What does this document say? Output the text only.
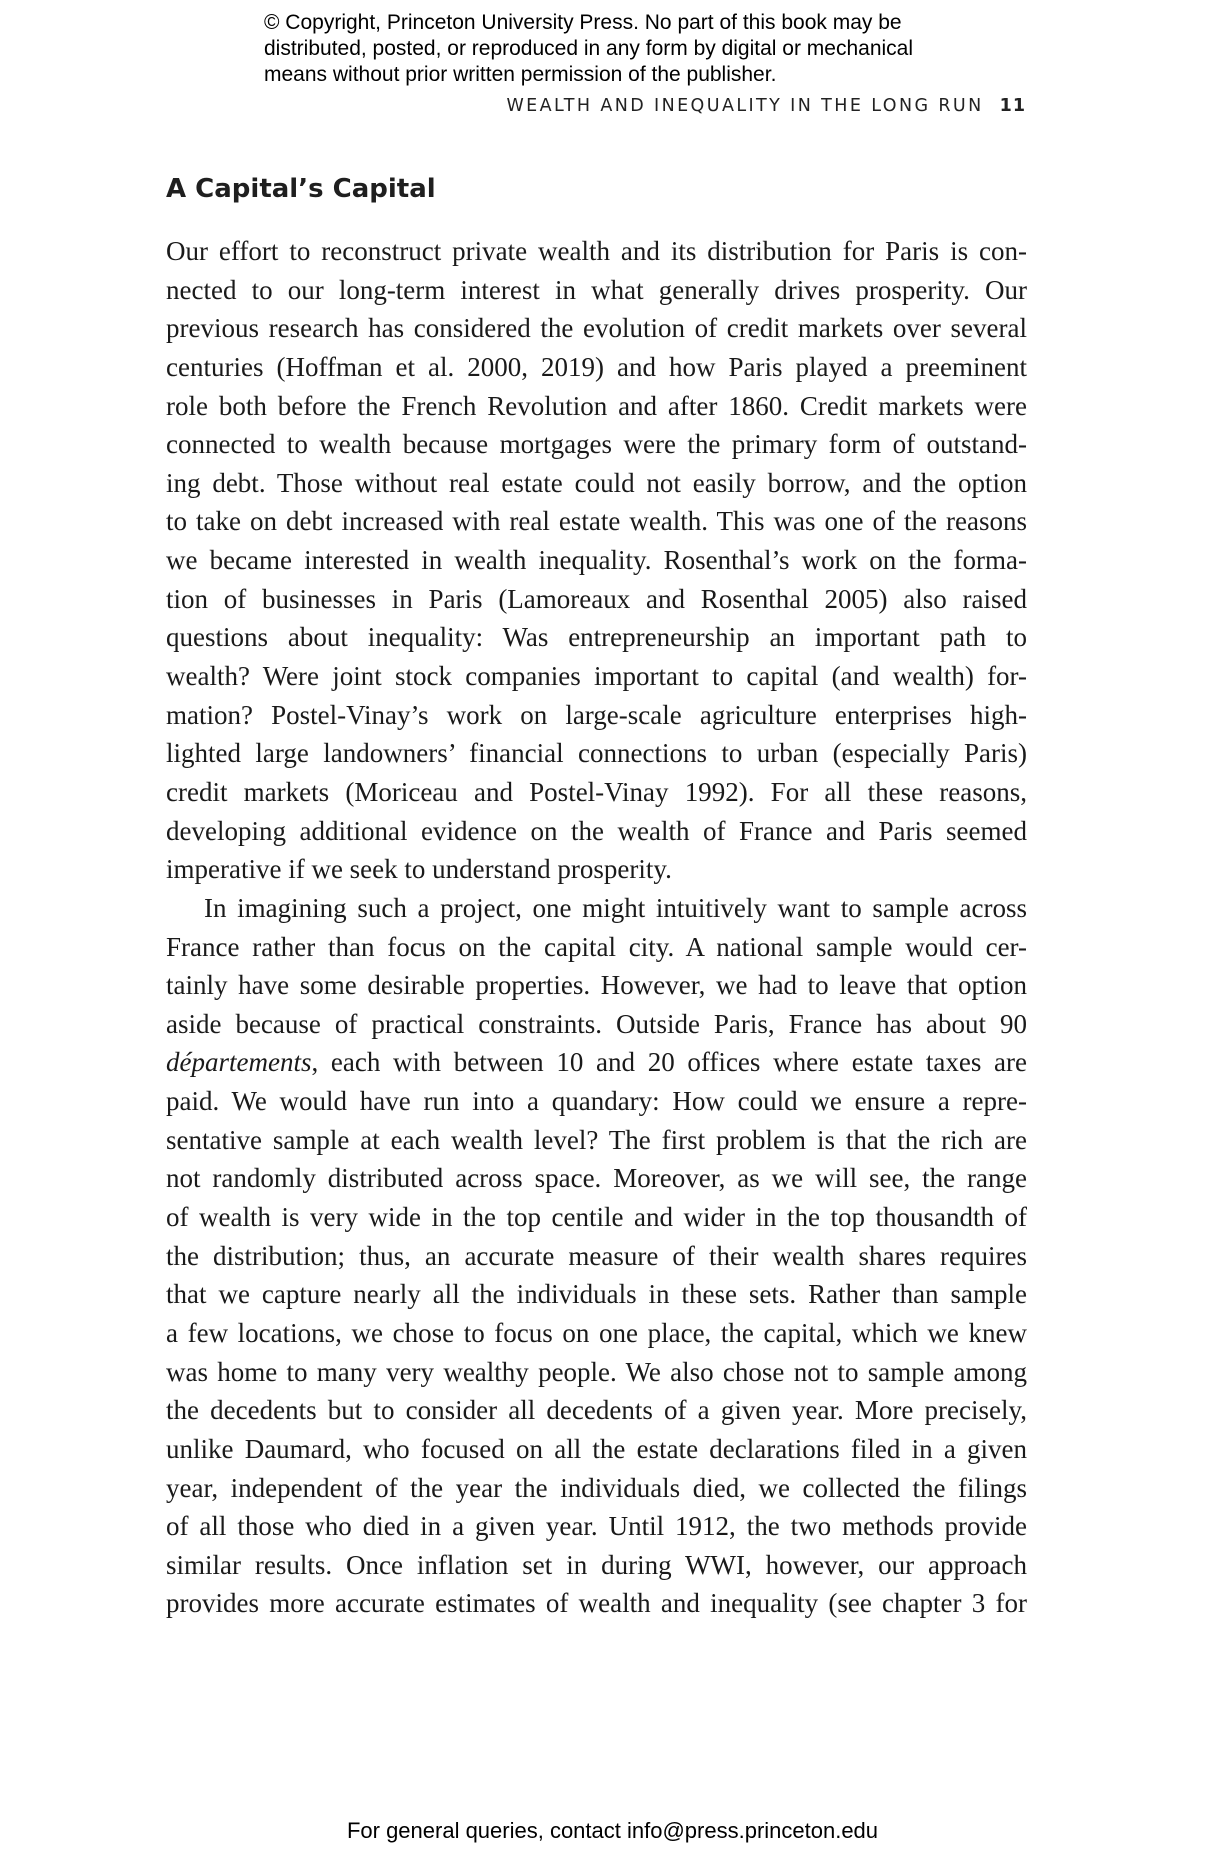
© Copyright, Princeton University Press. No part of this book may be
distributed, posted, or reproduced in any form by digital or mechanical
means without prior written permission of the publisher.
WEALTH AND INEQUALITY IN THE LONG RUN 11
A Capital’s Capital
Our effort to reconstruct private wealth and its distribution for Paris is con-
nected to our long-term interest in what generally drives prosperity. Our
previous research has considered the evolution of credit markets over several
centuries (Hoffman et al. 2000, 2019) and how Paris played a preeminent
role both before the French Revolution and after 1860. Credit markets were
connected to wealth because mortgages were the primary form of outstand-
ing debt. Those without real estate could not easily borrow, and the option
to take on debt increased with real estate wealth. This was one of the reasons
we became interested in wealth inequality. Rosenthal’s work on the forma-
tion of businesses in Paris (Lamoreaux and Rosenthal 2005) also raised
questions about inequality: Was entrepreneurship an important path to
wealth? Were joint stock companies important to capital (and wealth) for-
mation? Postel-Vinay’s work on large-scale agriculture enterprises high-
lighted large landowners’ financial connections to urban (especially Paris)
credit markets (Moriceau and Postel-Vinay 1992). For all these reasons,
developing additional evidence on the wealth of France and Paris seemed
imperative if we seek to understand prosperity.
In imagining such a project, one might intuitively want to sample across
France rather than focus on the capital city. A national sample would cer-
tainly have some desirable properties. However, we had to leave that option
aside because of practical constraints. Outside Paris, France has about 90
départements, each with between 10 and 20 offices where estate taxes are
paid. We would have run into a quandary: How could we ensure a repre-
sentative sample at each wealth level? The first problem is that the rich are
not randomly distributed across space. Moreover, as we will see, the range
of wealth is very wide in the top centile and wider in the top thousandth of
the distribution; thus, an accurate measure of their wealth shares requires
that we capture nearly all the individuals in these sets. Rather than sample
a few locations, we chose to focus on one place, the capital, which we knew
was home to many very wealthy people. We also chose not to sample among
the decedents but to consider all decedents of a given year. More precisely,
unlike Daumard, who focused on all the estate declarations filed in a given
year, independent of the year the individuals died, we collected the filings
of all those who died in a given year. Until 1912, the two methods provide
similar results. Once inflation set in during WWI, however, our approach
provides more accurate estimates of wealth and inequality (see chapter 3 for
For general queries, contact info@press.princeton.edu
